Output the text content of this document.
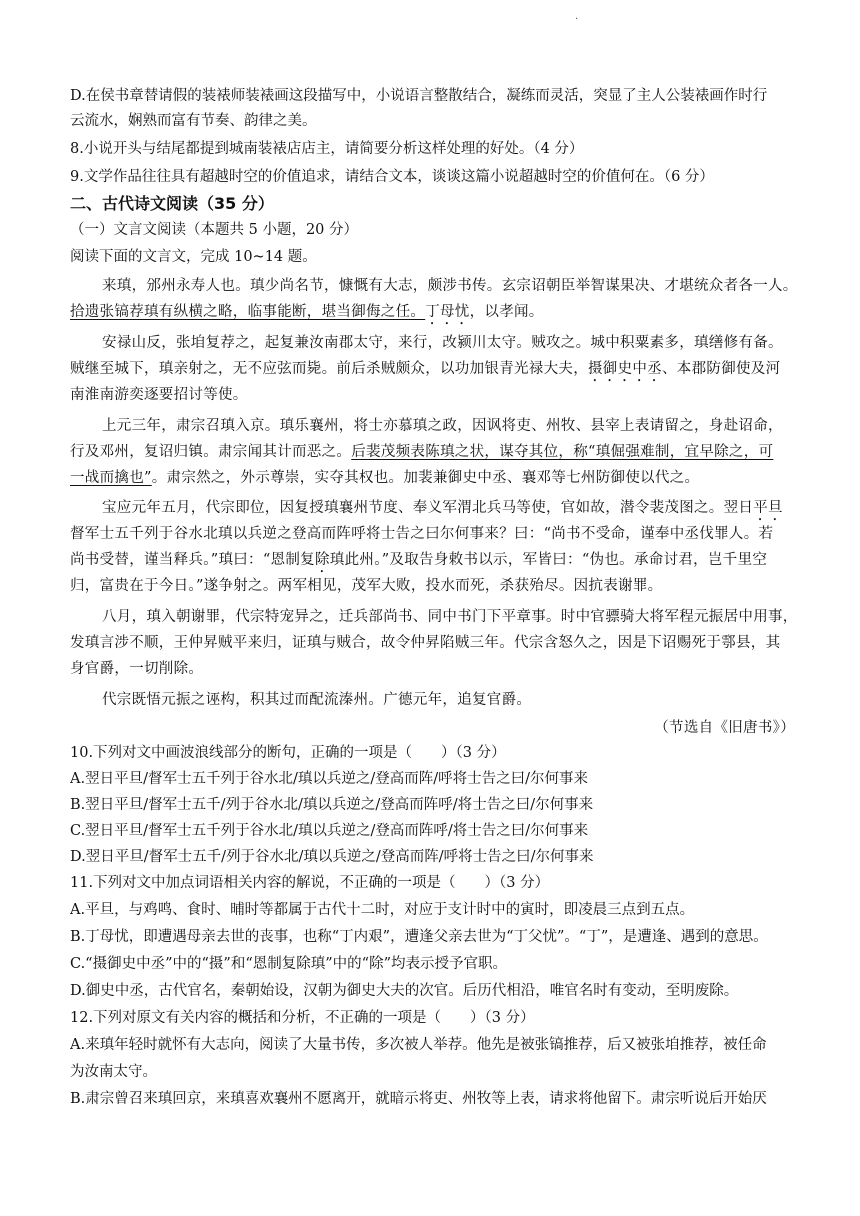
·
D.在侯书章替请假的装裱师装裱画这段描写中，小说语言整散结合，凝练而灵活，突显了主人公装裱画作时行
云流水，娴熟而富有节奏、韵律之美。
8.小说开头与结尾都提到城南装裱店店主，请简要分析这样处理的好处。（4 分）
9.文学作品往往具有超越时空的价值追求，请结合文本，谈谈这篇小说超越时空的价值何在。（6 分）
二、古代诗文阅读（35 分）
（一）文言文阅读（本题共 5 小题，20 分）
阅读下面的文言文，完成 10~14 题。
来瑱，邠州永寿人也。瑱少尚名节，慷慨有大志，颇涉书传。玄宗诏朝臣举智谋果决、才堪统众者各一人。
拾遗张镐荐瑱有纵横之略，临事能断，堪当御侮之任。丁母忧，以孝闻。
安禄山反，张垍复荐之，起复兼汝南郡太守，来行，改颍川太守。贼攻之。城中积粟素多，瑱缮修有备。
贼继至城下，瑱亲射之，无不应弦而毙。前后杀贼颇众，以功加银青光禄大夫，摄御史中丞、本郡防御使及河
南淮南游奕逐要招讨等使。
上元三年，肃宗召瑱入京。瑱乐襄州，将士亦慕瑱之政，因讽将吏、州牧、县宰上表请留之，身赴诏命，
行及邓州，复诏归镇。肃宗闻其计而恶之。后裴茂频表陈瑱之状，谋夺其位，称“瑱倔强难制，宜早除之，可
一战而擒也”。肃宗然之，外示尊崇，实夺其权也。加裴兼御史中丞、襄邓等七州防御使以代之。
宝应元年五月，代宗即位，因复授瑱襄州节度、奉义军渭北兵马等使，官如故，潜令裴茂图之。翌日平旦
督军士五千列于谷水北瑱以兵逆之登高而阵呼将士告之曰尔何事来？曰：“尚书不受命，谨奉中丞伐罪人。若
尚书受替，谨当释兵。”瑱曰：“恩制复除瑱此州。”及取告身敕书以示，军皆曰：“伪也。承命讨君，岂千里空
归，富贵在于今日。”遂争射之。两军相见，茂军大败，投水而死，杀获殆尽。因抗表谢罪。
八月，瑱入朝谢罪，代宗特宠异之，迁兵部尚书、同中书门下平章事。时中官骠骑大将军程元振居中用事，
发瑱言涉不顺，王仲昇贼平来归，证瑱与贼合，故令仲昇陷贼三年。代宗含怒久之，因是下诏赐死于鄠县，其
身官爵，一切削除。
代宗既悟元振之诬构，积其过而配流溱州。广德元年，追复官爵。
（节选自《旧唐书》）
10.下列对文中画波浪线部分的断句，正确的一项是（　　）（3 分）
A.翌日平旦/督军士五千列于谷水北/瑱以兵逆之/登高而阵/呼将士告之曰/尔何事来
B.翌日平旦/督军士五千/列于谷水北/瑱以兵逆之/登高而阵呼/将士告之曰/尔何事来
C.翌日平旦/督军士五千列于谷水北/瑱以兵逆之/登高而阵呼/将士告之曰/尔何事来
D.翌日平旦/督军士五千/列于谷水北/瑱以兵逆之/登高而阵/呼将士告之曰/尔何事来
11.下列对文中加点词语相关内容的解说，不正确的一项是（　　）（3 分）
A.平旦，与鸡鸣、食时、晡时等都属于古代十二时，对应于支计时中的寅时，即凌晨三点到五点。
B.丁母忧，即遭遇母亲去世的丧事，也称“丁内艰”，遭逢父亲去世为“丁父忧”。“丁”，是遭逢、遇到的意思。
C.“摄御史中丞”中的“摄”和“恩制复除瑱”中的“除”均表示授予官职。
D.御史中丞，古代官名，秦朝始设，汉朝为御史大夫的次官。后历代相沿，唯官名时有变动，至明废除。
12.下列对原文有关内容的概括和分析，不正确的一项是（　　）（3 分）
A.来瑱年轻时就怀有大志向，阅读了大量书传，多次被人举荐。他先是被张镐推荐，后又被张垍推荐，被任命
为汝南太守。
B.肃宗曾召来瑱回京，来瑱喜欢襄州不愿离开，就暗示将吏、州牧等上表，请求将他留下。肃宗听说后开始厌
